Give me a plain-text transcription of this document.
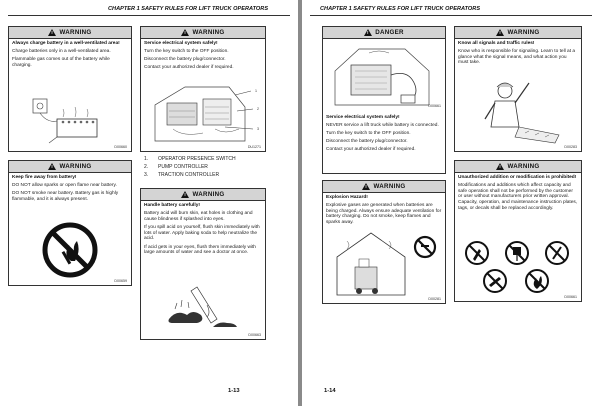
CHAPTER 1 SAFETY RULES FOR LIFT TRUCK OPERATORS
!
WARNING

Always charge battery in a well-ventilated area!

Charge batteries only in a well-ventilated area.

Flammable gas comes out of the battery while charging.

D00660
!
WARNING

Keep fire away from battery!

DO NOT allow sparks or open flame near battery.

DO NOT smoke near battery. Battery gas is highly flammable, and it is always present.

D00659
!
WARNING

Service electrical system safely!

Turn the key switch to the OFF position.

Disconnect the battery plug/connector.

Contact your authorized dealer if required.

1
2
3
DU1271
1. OPERATOR PRESENCE SWITCH
2. PUMP CONTROLLER
3. TRACTION CONTROLLER
!
WARNING

Handle battery carefully!

Battery acid will burn skin, eat holes in clothing and cause blindness if splashed into eyes.

If you spill acid on yourself, flush skin immediately with lots of water. Apply baking soda to help neutralize the acid.

If acid gets in your eyes, flush them immediately with large amounts of water and see a doctor at once.

D00663
1-13
CHAPTER 1 SAFETY RULES FOR LIFT TRUCK OPERATORS
!
DANGER
D00661

Service electrical system safely!

NEVER service a lift truck while battery is connected.

Turn the key switch to the OFF position.

Disconnect the battery plug/connector.

Contact your authorized dealer if required.

!
WARNING

Explosion Hazard!

Explosive gases are generated when batteries are being charged. Always ensure adequate ventilation for battery charging. Do not smoke, keep flames and sparks away.

D00281
!
WARNING

Know all signals and traffic rules!

Know who is responsible for signaling. Learn to tell at a glance what the signal means, and what action you must take.

D00283
!
WARNING

Unauthorized addition or modification is prohibited!

Modifications and additions which affect capacity and safe operation shall not be performed by the customer or user without manufacturers prior written approval. Capacity, operation, and maintenance instruction plates, tags, or decals shall be replaced accordingly.

D00661
1-14
